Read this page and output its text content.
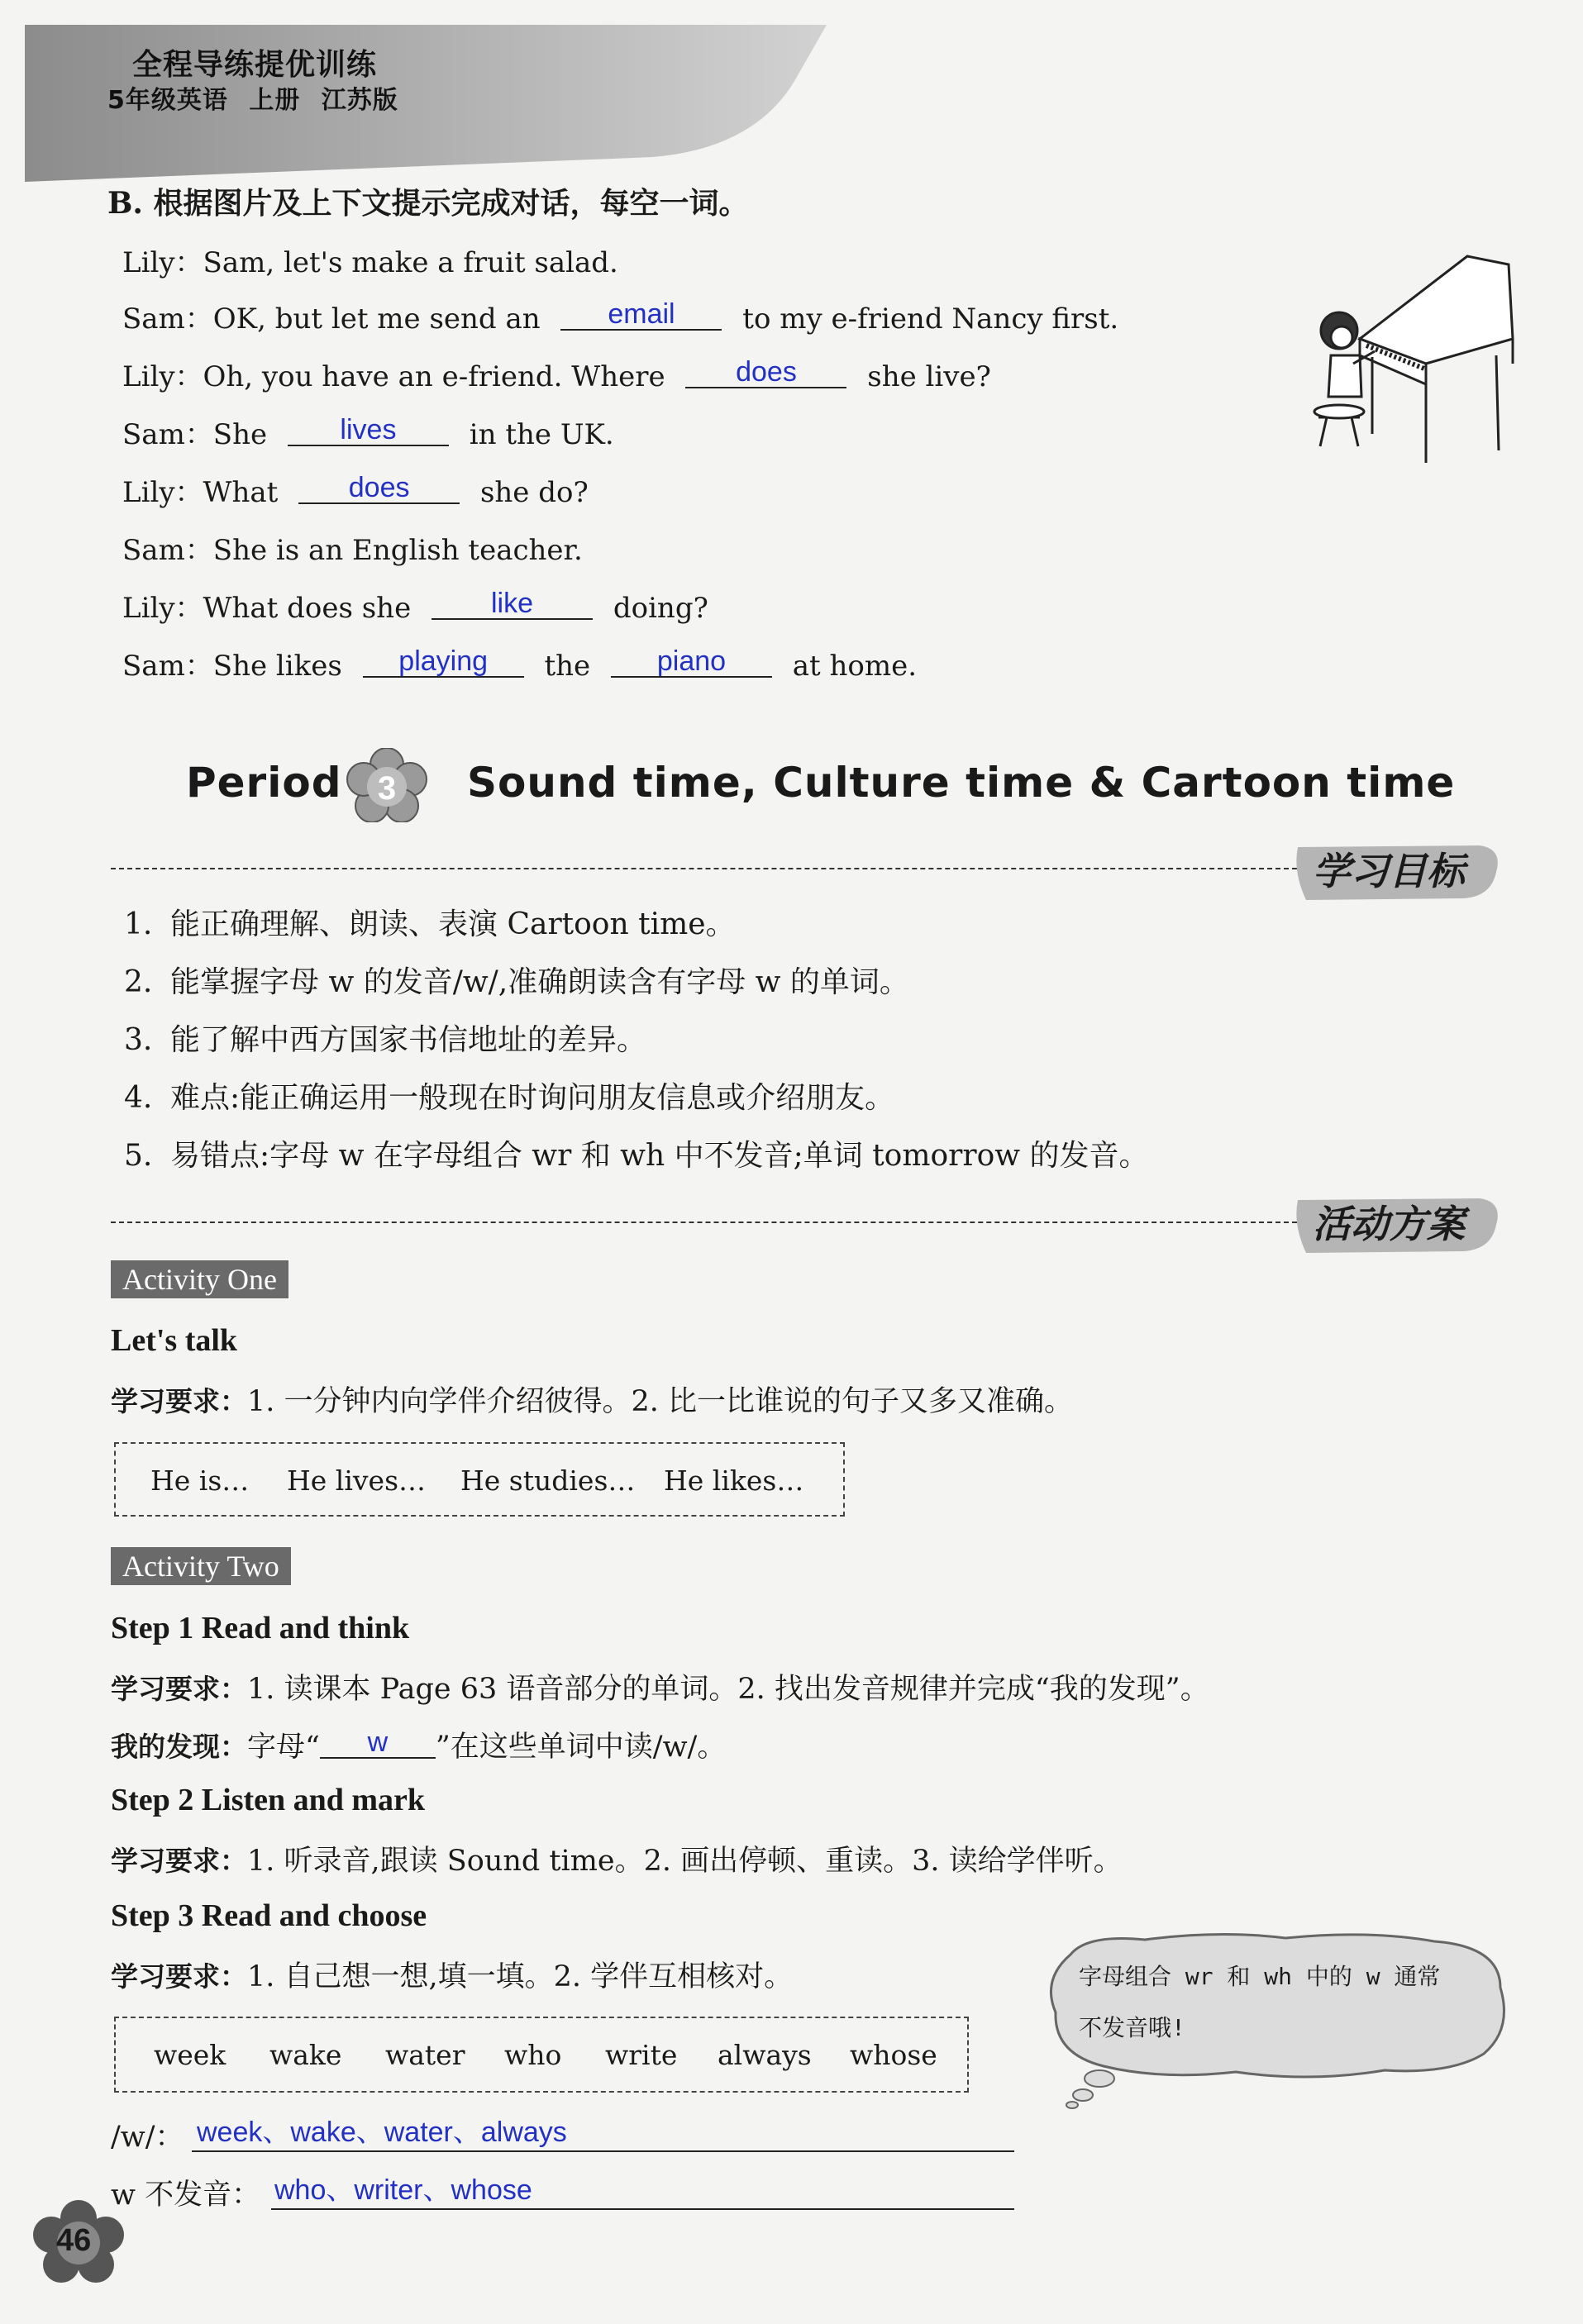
全程导练提优训练
5年级英语 上册 江苏版
B. 根据图片及上下文提示完成对话，每空一词。
Lily：Sam, let's make a fruit salad.
Sam：OK, but let me send an email to my e-friend Nancy first.
Lily：Oh, you have an e-friend. Where	does	she live?
Sam：She	lives	in the UK.
Lily：What	does	she do?
Sam：She is an English teacher.
Lily：What does she	like	doing?
Sam：She likes playing the piano at home.
Period 3 Sound time, Culture time & Cartoon time
学习目标
1. 能正确理解、朗读、表演 Cartoon time。
2. 能掌握字母 w 的发音/w/,准确朗读含有字母 w 的单词。
3. 能了解中西方国家书信地址的差异。
4. 难点:能正确运用一般现在时询问朋友信息或介绍朋友。
5. 易错点:字母 w 在字母组合 wr 和 wh 中不发音;单词 tomorrow 的发音。
活动方案
Activity One
Let's talk
学习要求：1. 一分钟内向学伴介绍彼得。2. 比一比谁说的句子又多又准确。
He is… He lives… He studies… He likes…
Activity Two
Step 1 Read and think
学习要求：1. 读课本 Page 63 语音部分的单词。2. 找出发音规律并完成“我的发现”。
我的发现：字母“ w ”在这些单词中读/w/。
Step 2 Listen and mark
学习要求：1. 听录音,跟读 Sound time。2. 画出停顿、重读。3. 读给学伴听。
Step 3 Read and choose
学习要求：1. 自己想一想,填一填。2. 学伴互相核对。
week wake water who write always whose
/w/： week、wake、water、always
w 不发音： who、writer、whose
字母组合 wr 和 wh 中的 w 通常
不发音哦!
46
